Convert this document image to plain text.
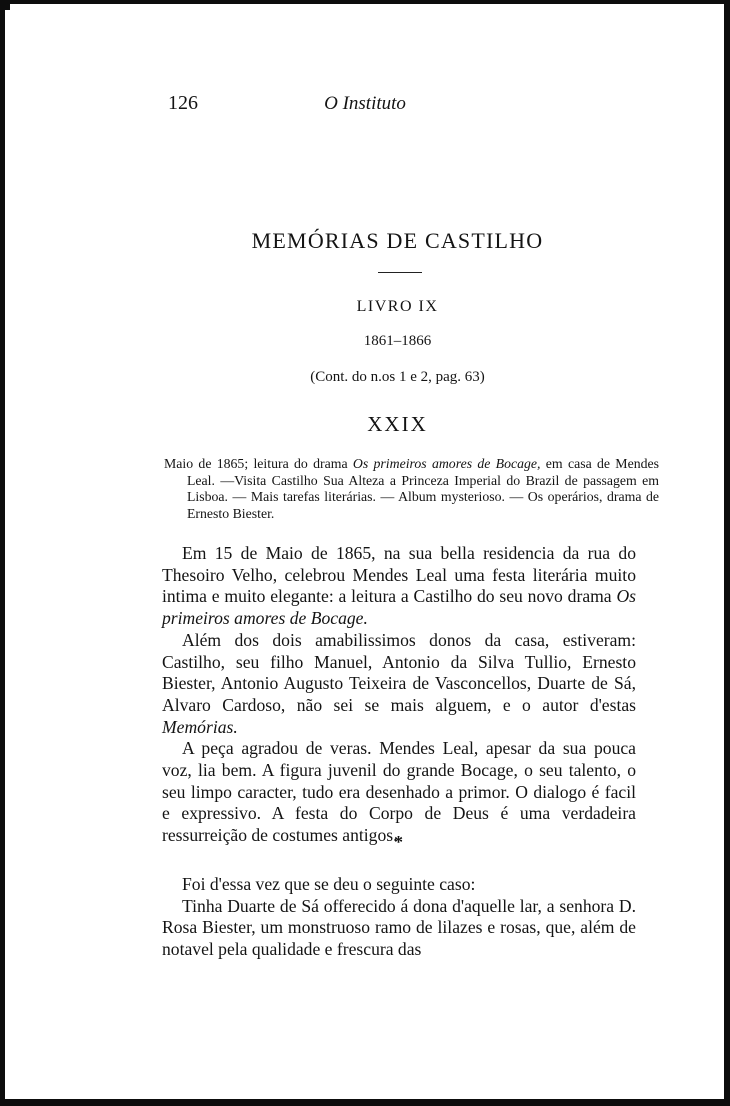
126	O Instituto
MEMÓRIAS DE CASTILHO
LIVRO IX
1861–1866
(Cont. do n.os 1 e 2, pag. 63)
XXIX

Maio de 1865; leitura do drama Os primeiros amores de Bocage, em casa de Mendes Leal. —Visita Castilho Sua Alteza a Princeza Imperial do Brazil de passagem em Lisboa. — Mais tarefas literárias. — Album mysterioso. — Os operários, drama de Ernesto Biester.

Em 15 de Maio de 1865, na sua bella residencia da rua do Thesoiro Velho, celebrou Mendes Leal uma festa literária muito intima e muito elegante: a leitura a Castilho do seu novo drama Os primeiros amores de Bocage.

Além dos dois amabilissimos donos da casa, estiveram: Castilho, seu filho Manuel, Antonio da Silva Tullio, Ernesto Biester, Antonio Augusto Teixeira de Vasconcellos, Duarte de Sá, Alvaro Cardoso, não sei se mais alguem, e o autor d'estas Memórias.

A peça agradou de veras. Mendes Leal, apesar da sua pouca voz, lia bem. A figura juvenil do grande Bocage, o seu talento, o seu limpo caracter, tudo era desenhado a primor. O dialogo é facil e expressivo. A festa do Corpo de Deus é uma verdadeira ressurreição de costumes antigos.

*

Foi d'essa vez que se deu o seguinte caso:

Tinha Duarte de Sá offerecido á dona d'aquelle lar, a senhora D. Rosa Biester, um monstruoso ramo de lilazes e rosas, que, além de notavel pela qualidade e frescura das
